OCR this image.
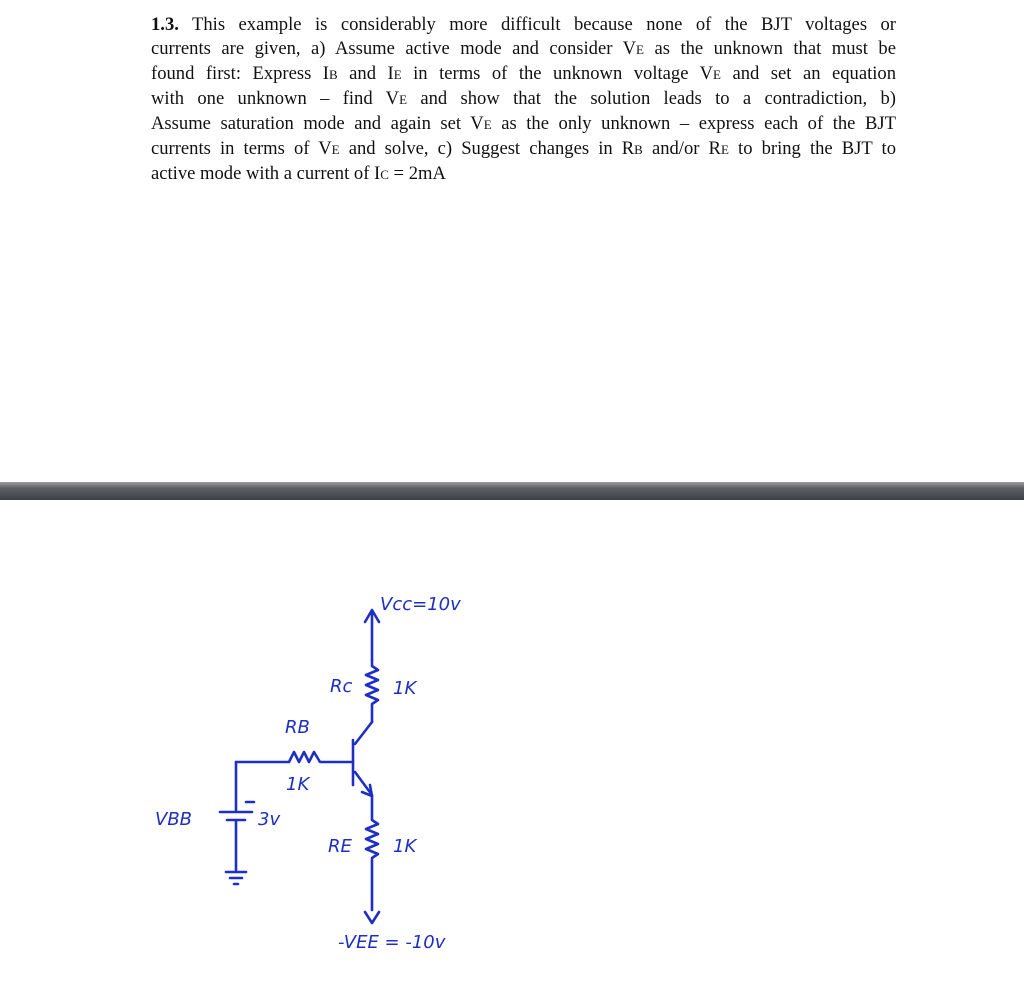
1.3. This example is considerably more difficult because none of the BJT voltages or
currents are given, a) Assume active mode and consider VE as the unknown that must be
found first: Express IB and IE in terms of the unknown voltage VE and set an equation
with one unknown – find VE and show that the solution leads to a contradiction, b)
Assume saturation mode and again set VE as the only unknown – express each of the BJT
currents in terms of VE and solve, c) Suggest changes in RB and/or RE to bring the BJT to
active mode with a current of IC = 2mA
Vcc=10v
Rc 1K
RB
1K
VBB	3v
RE 1K
-VEE = -10v
